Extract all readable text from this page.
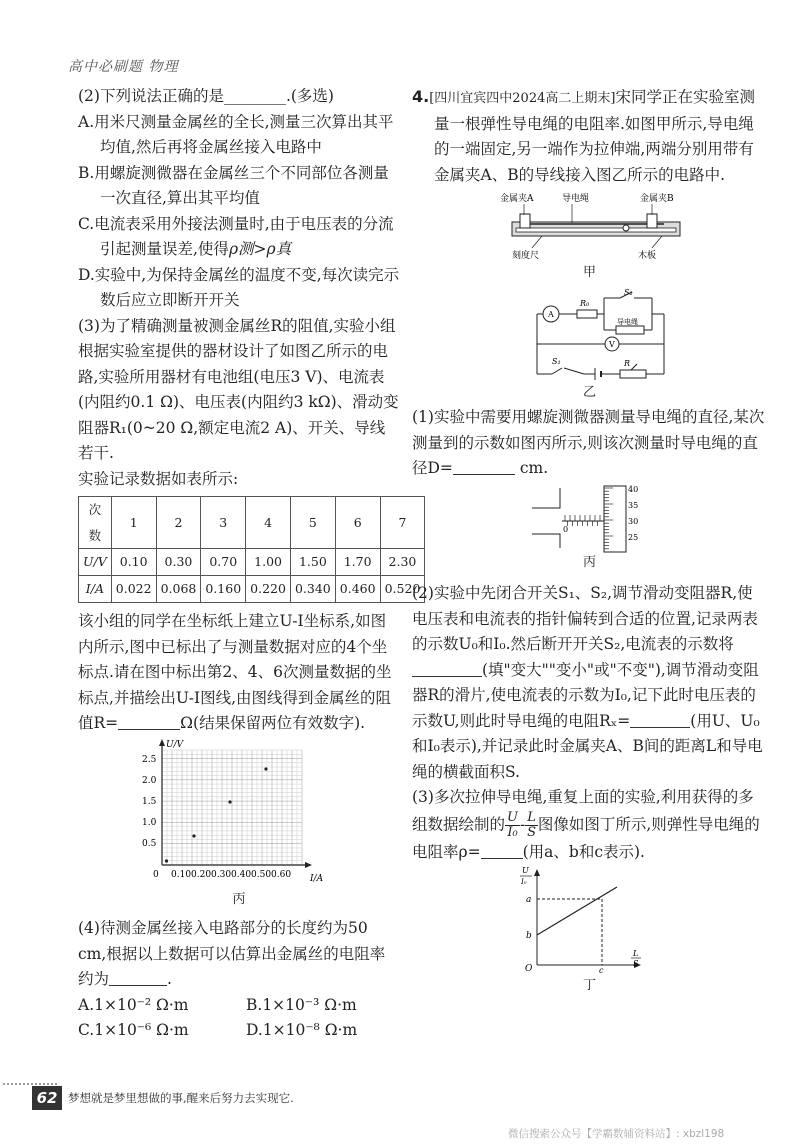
高中必刷题 物理

(2)下列说法正确的是________.(多选)

A.用米尺测量金属丝的全长,测量三次算出其平均值,然后再将金属丝接入电路中

B.用螺旋测微器在金属丝三个不同部位各测量一次直径,算出其平均值

C.电流表采用外接法测量时,由于电压表的分流引起测量误差,使得ρ测>ρ真

D.实验中,为保持金属丝的温度不变,每次读完示数后应立即断开开关

(3)为了精确测量被测金属丝R的阻值,实验小组根据实验室提供的器材设计了如图乙所示的电路,实验所用器材有电池组(电压3 V)、电流表(内阻约0.1 Ω)、电压表(内阻约3 kΩ)、滑动变阻器R₁(0~20 Ω,额定电流2 A)、开关、导线若干.

实验记录数据如表所示:

次数	1	2	3	4	5	6	7
U/V	0.10	0.30	0.70	1.00	1.50	1.70	2.30
I/A	0.022	0.068	0.160	0.220	0.340	0.460	0.520

该小组的同学在坐标纸上建立U-I坐标系,如图内所示,图中已标出了与测量数据对应的4个坐标点.请在图中标出第2、4、6次测量数据的坐标点,并描绘出U-I图线,由图线得到金属丝的阻值R=	Ω(结果保留两位有效数字).

U/V
I/A
0
0.5
1.0
1.5
2.0
2.5
0.10 0.20 0.30 0.40 0.50 0.60
丙

(4)待测金属丝接入电路部分的长度约为50 cm,根据以上数据可以估算出金属丝的电阻率约为	.

A.1×10⁻² Ω·m	B.1×10⁻³ Ω·m

C.1×10⁻⁶ Ω·m	D.1×10⁻⁸ Ω·m

4.[四川宜宾四中2024高二上期末]宋同学正在实验室测量一根弹性导电绳的电阻率.如图甲所示,导电绳的一端固定,另一端作为拉伸端,两端分别用带有金属夹A、B的导线接入图乙所示的电路中.

金属夹A	导电绳	金属夹B
刻度尺	木板
甲
A
R₀
S₂
导电绳
V
S₁	R
乙

(1)实验中需要用螺旋测微器测量导电绳的直径,某次测量到的示数如图丙所示,则该次测量时导电绳的直径D=	cm.

0
40
35
30
25
丙

(2)实验中先闭合开关S₁、S₂,调节滑动变阻器R,使电压表和电流表的指针偏转到合适的位置,记录两表的示数U₀和I₀.然后断开开关S₂,电流表的示数将(填"变大""变小"或"不变"),调节滑动变阻器R的滑片,使电流表的示数为I₀,记下此时电压表的示数U,则此时导电绳的电阻Rₓ=	(用U、U₀和I₀表示),并记录此时金属夹A、B间的距离L和导电绳的横截面积S.

(3)多次拉伸导电绳,重复上面的实验,利用获得的多组数据绘制的 $\frac{U}{\text{I₀}} - \frac{L}{S}$ 图像如图丁所示,则弹性导电绳的电阻率ρ=	(用a、b和c表示).

U
I₀
a
b
O	c
L
S
丁
62 梦想就是梦里想做的事,醒来后努力去实现它.
微信搜索公众号【学霸数辅资料站】: xbzl198
